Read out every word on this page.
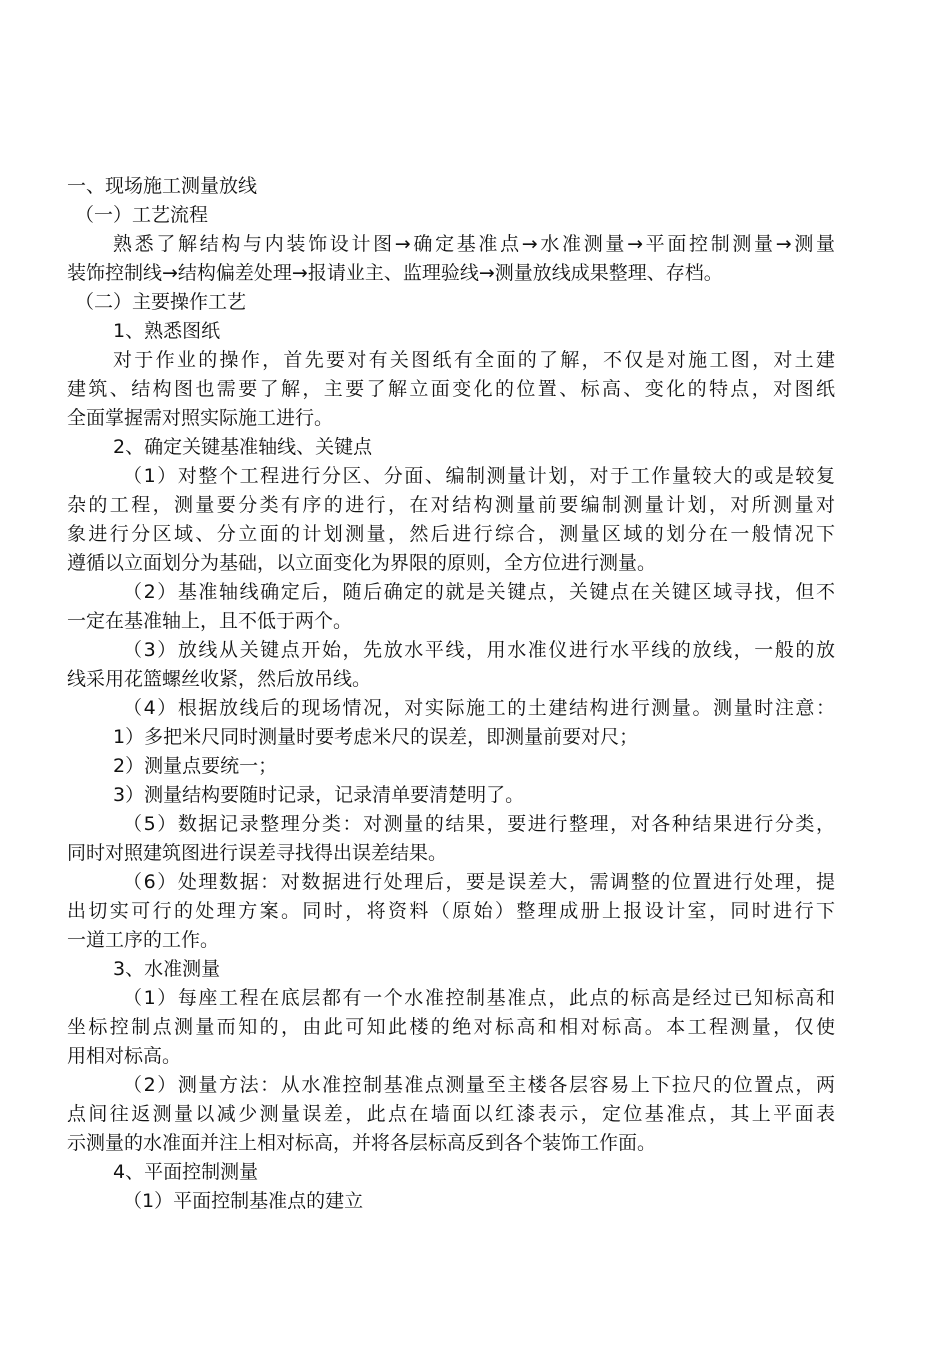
一、现场施工测量放线
（一）工艺流程
熟悉了解结构与内装饰设计图→确定基准点→水准测量→平面控制测量→测量
装饰控制线→结构偏差处理→报请业主、监理验线→测量放线成果整理、存档。
（二）主要操作工艺
1、熟悉图纸
对于作业的操作，首先要对有关图纸有全面的了解，不仅是对施工图，对土建
建筑、结构图也需要了解，主要了解立面变化的位置、标高、变化的特点，对图纸
全面掌握需对照实际施工进行。
2、确定关键基准轴线、关键点
（1）对整个工程进行分区、分面、编制测量计划，对于工作量较大的或是较复
杂的工程，测量要分类有序的进行，在对结构测量前要编制测量计划，对所测量对
象进行分区域、分立面的计划测量，然后进行综合，测量区域的划分在一般情况下
遵循以立面划分为基础，以立面变化为界限的原则，全方位进行测量。
（2）基准轴线确定后，随后确定的就是关键点，关键点在关键区域寻找，但不
一定在基准轴上，且不低于两个。
（3）放线从关键点开始，先放水平线，用水准仪进行水平线的放线，一般的放
线采用花篮螺丝收紧，然后放吊线。
（4）根据放线后的现场情况，对实际施工的土建结构进行测量。测量时注意：
1）多把米尺同时测量时要考虑米尺的误差，即测量前要对尺；
2）测量点要统一；
3）测量结构要随时记录，记录清单要清楚明了。
（5）数据记录整理分类：对测量的结果，要进行整理，对各种结果进行分类，
同时对照建筑图进行误差寻找得出误差结果。
（6）处理数据：对数据进行处理后，要是误差大，需调整的位置进行处理，提
出切实可行的处理方案。同时，将资料（原始）整理成册上报设计室，同时进行下
一道工序的工作。
3、水准测量
（1）每座工程在底层都有一个水准控制基准点，此点的标高是经过已知标高和
坐标控制点测量而知的，由此可知此楼的绝对标高和相对标高。本工程测量，仅使
用相对标高。
（2）测量方法：从水准控制基准点测量至主楼各层容易上下拉尺的位置点，两
点间往返测量以减少测量误差，此点在墙面以红漆表示，定位基准点，其上平面表
示测量的水准面并注上相对标高，并将各层标高反到各个装饰工作面。
4、平面控制测量
（1）平面控制基准点的建立
